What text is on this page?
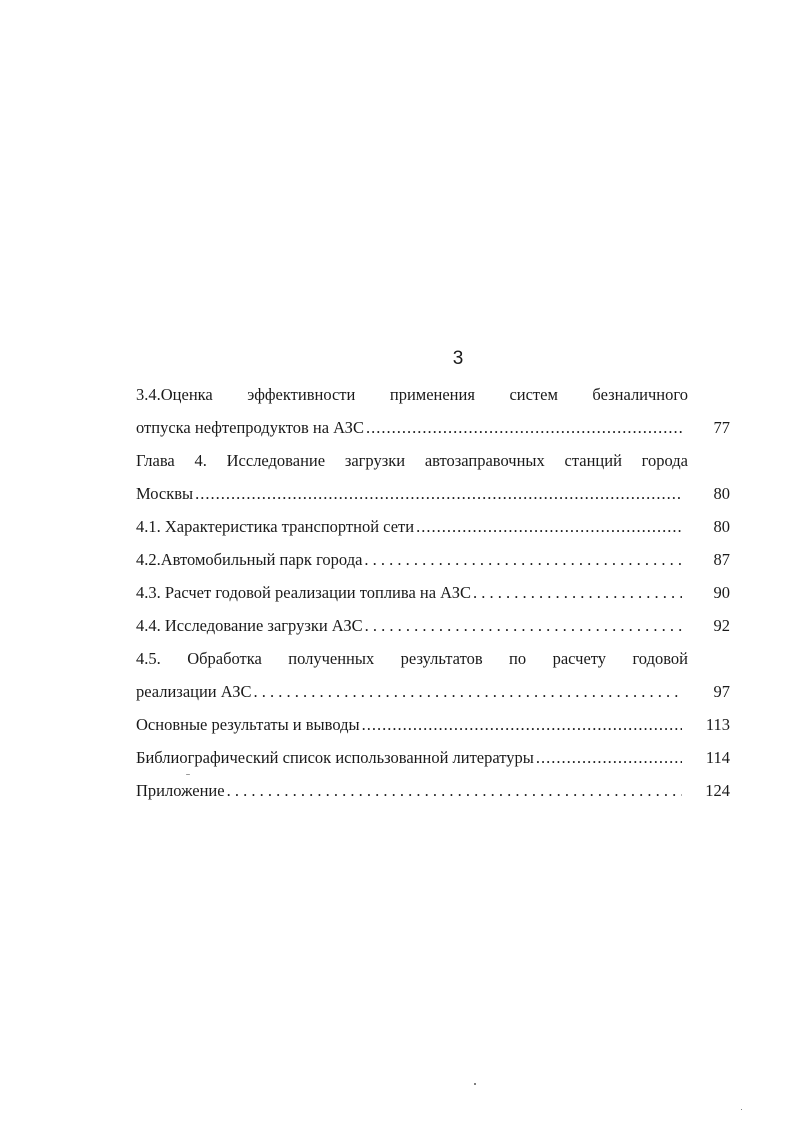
3
3.4.Оценка эффективности применения систем безналичного
отпуска нефтепродуктов на АЗС .....	77
Глава 4. Исследование загрузки автозаправочных станций города
Москвы .....	80
4.1. Характеристика транспортной сети .....	80
4.2.Автомобильный парк города . . .	87
4.3. Расчет годовой реализации топлива на АЗС . . .	90
4.4. Исследование загрузки АЗС . . .	92
4.5. Обработка полученных результатов по расчету годовой
реализации АЗС . . .	97
Основные результаты и выводы .....	113
Библиографический список использованной литературы .....	114
Приложение . . .	124
